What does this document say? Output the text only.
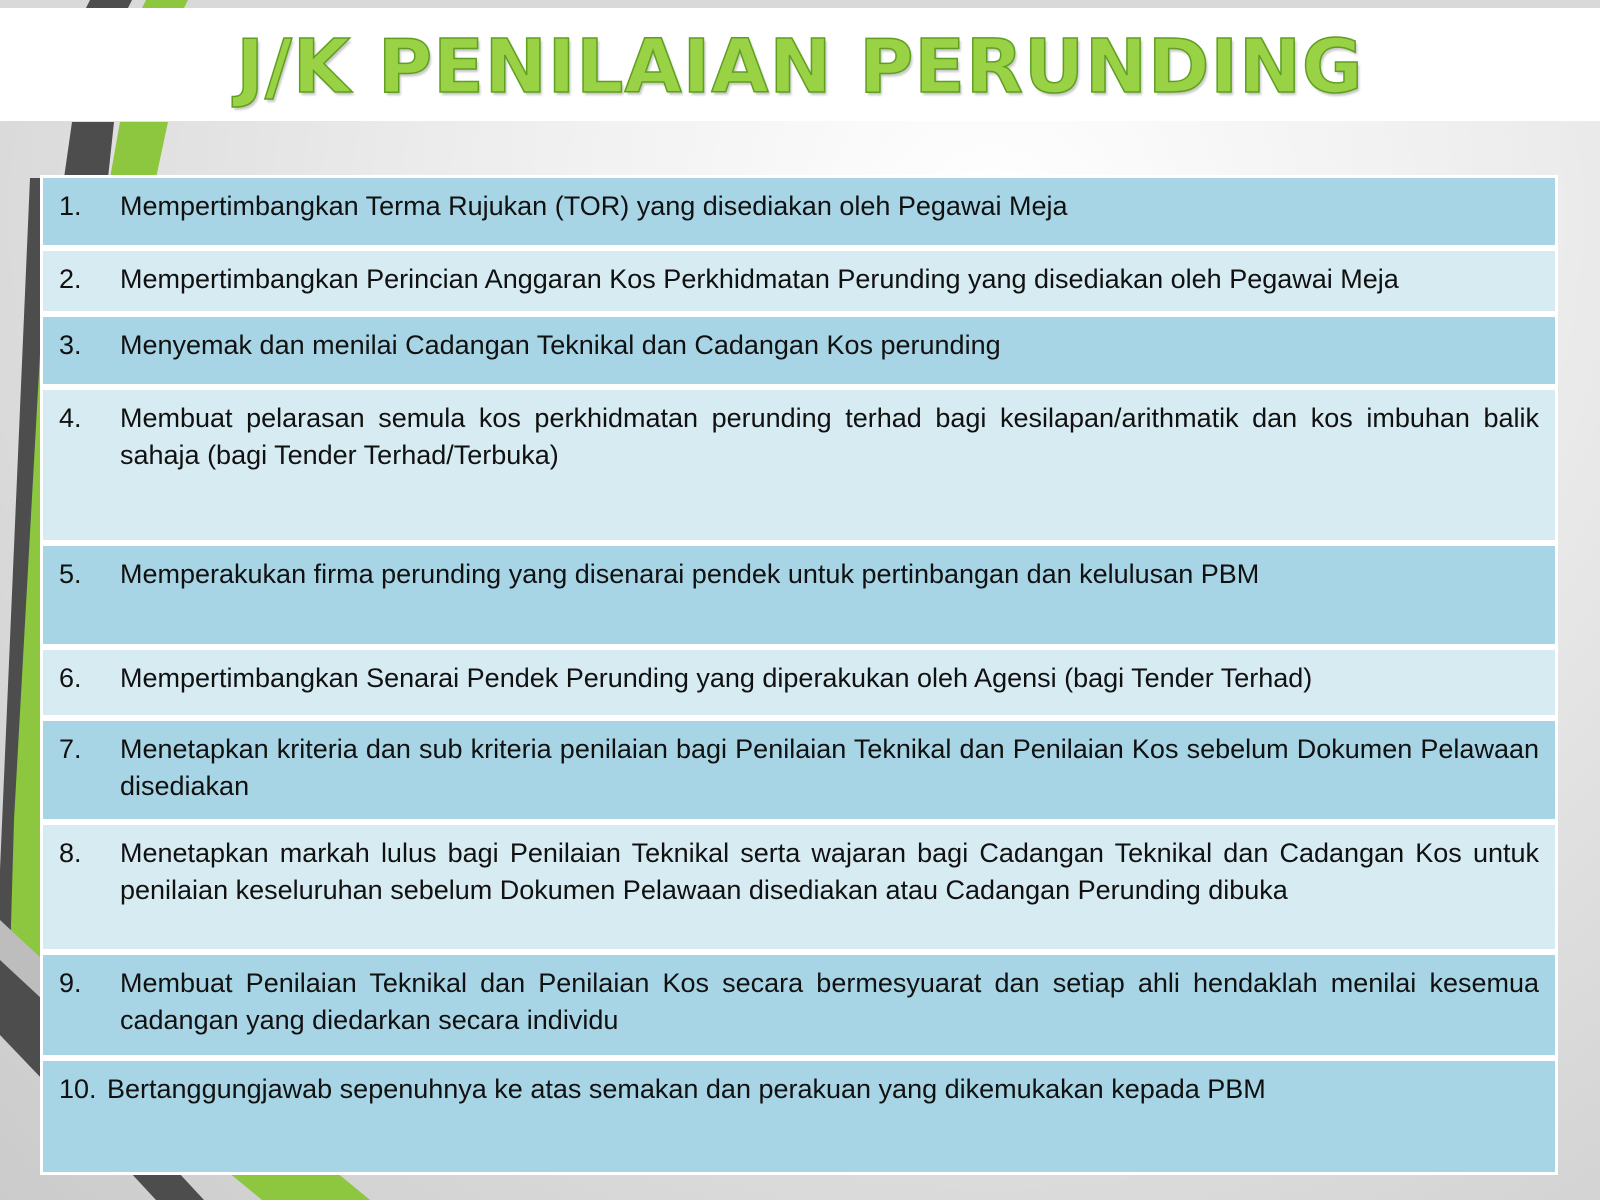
J/K PENILAIAN PERUNDING
1.	Mempertimbangkan Terma Rujukan (TOR) yang disediakan oleh Pegawai Meja
2.	Mempertimbangkan Perincian Anggaran Kos Perkhidmatan Perunding yang disediakan oleh Pegawai Meja
3.	Menyemak dan menilai Cadangan Teknikal dan Cadangan Kos perunding
4.	Membuat pelarasan semula kos perkhidmatan perunding terhad bagi kesilapan/arithmatik dan kos imbuhan balik sahaja (bagi Tender Terhad/Terbuka)
5.	Memperakukan firma perunding yang disenarai pendek untuk pertinbangan dan kelulusan PBM
6.	Mempertimbangkan Senarai Pendek Perunding yang diperakukan oleh Agensi (bagi Tender Terhad)
7.	Menetapkan kriteria dan sub kriteria penilaian bagi Penilaian Teknikal dan Penilaian Kos sebelum Dokumen Pelawaan disediakan
8.	Menetapkan markah lulus bagi Penilaian Teknikal serta wajaran bagi Cadangan Teknikal dan Cadangan Kos untuk penilaian keseluruhan sebelum Dokumen Pelawaan disediakan atau Cadangan Perunding dibuka
9.	Membuat Penilaian Teknikal dan Penilaian Kos secara bermesyuarat dan setiap ahli hendaklah menilai kesemua cadangan yang diedarkan secara individu
10. Bertanggungjawab sepenuhnya ke atas semakan dan perakuan yang dikemukakan kepada PBM
